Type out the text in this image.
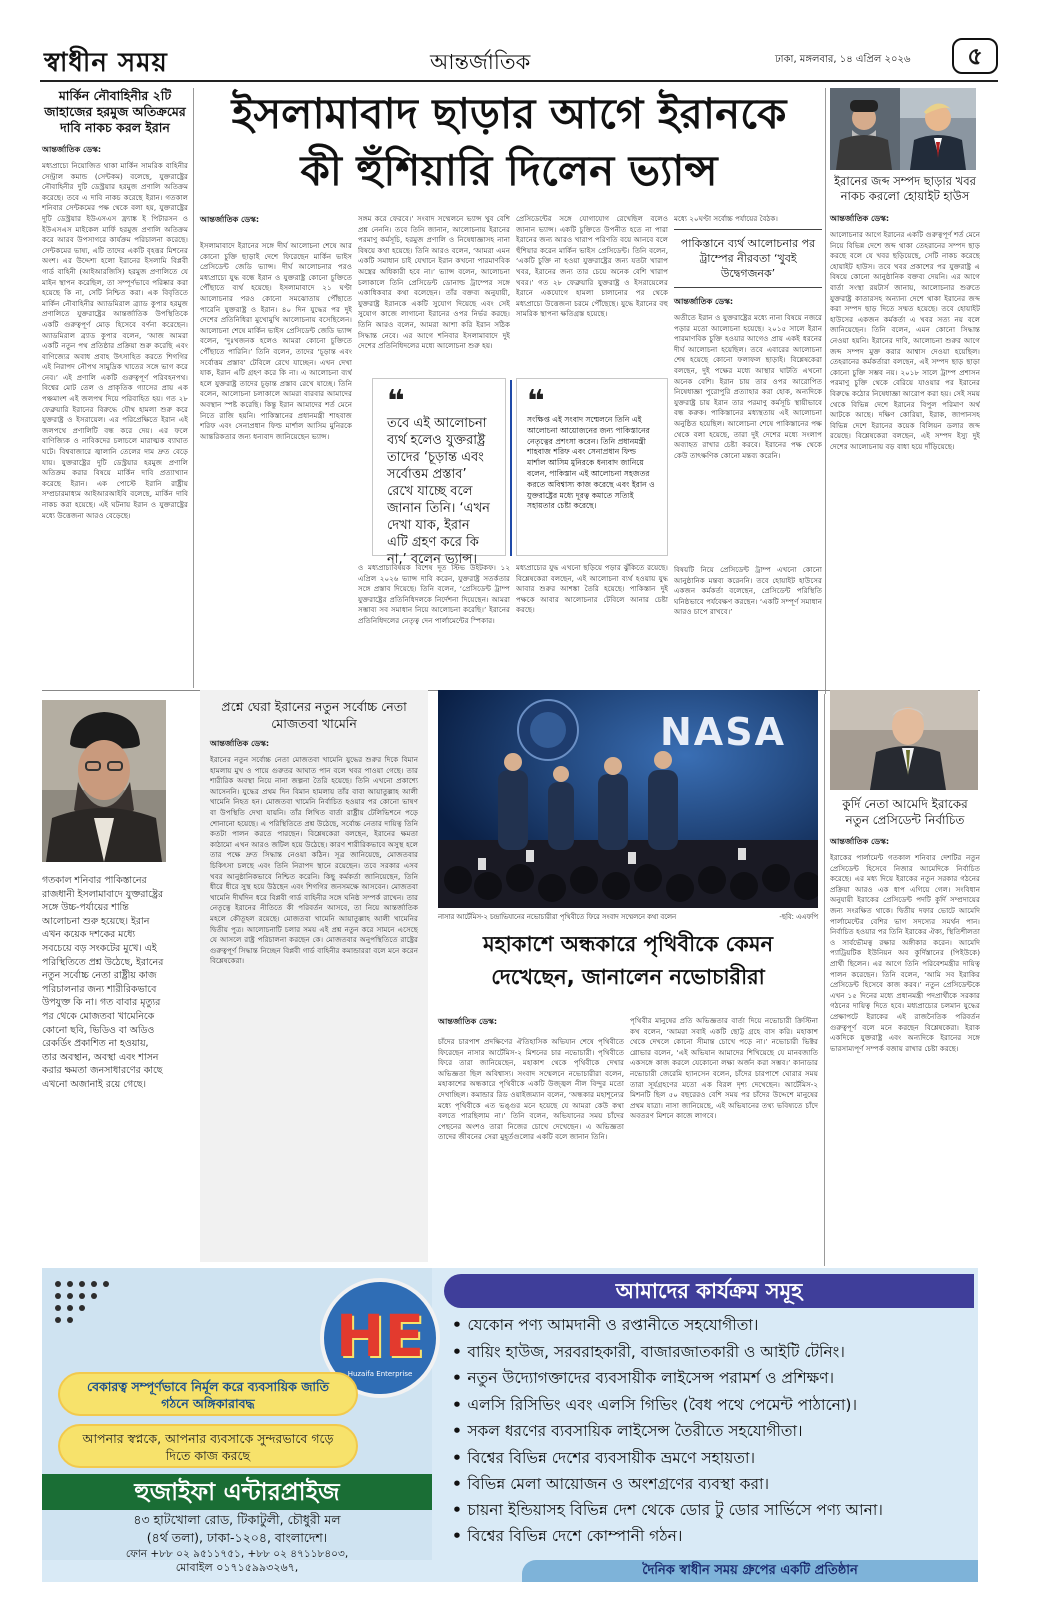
স্বাধীন সময়	আন্তর্জাতিক	ঢাকা, মঙ্গলবার, ১৪ এপ্রিল ২০২৬	৫
মার্কিন নৌবাহিনীর ২টি জাহাজের হরমুজ অতিক্রমের দাবি নাকচ করল ইরান
আন্তর্জাতিক ডেস্ক:
মধ্যপ্রাচ্যে নিয়োজিত থাকা মার্কিন সামরিক বাহিনীর সেন্ট্রাল কমান্ড (সেন্টকম) বলেছে, যুক্তরাষ্ট্রের নৌবাহিনীর দুটি ডেস্ট্রয়ার হরমুজ প্রণালি অতিক্রম করেছে। তবে এ দাবি নাকচ করেছে ইরান। গতকাল শনিবার সেন্টকমের পক্ষ থেকে বলা হয়, যুক্তরাষ্ট্রের দুটি ডেস্ট্রয়ার ইউএসএস ফ্র্যাঙ্ক ই পিটারসন ও ইউএসএস মাইকেল মার্ফি হরমুজ প্রণালি অতিক্রম করে আরব উপসাগরে কার্যক্রম পরিচালনা করেছে। সেন্টকমের ভাষ্য, এটি তাদের একটি বৃহত্তর মিশনের অংশ। এর উদ্দেশ্য হলো ইরানের ইসলামি বিপ্লবী গার্ড বাহিনী (আইআরজিসি) হরমুজ প্রণালিতে যে মাইন স্থাপন করেছিল, তা সম্পূর্ণভাবে পরিষ্কার করা হয়েছে কি না, সেটি নিশ্চিত করা। এক বিবৃতিতে মার্কিন নৌবাহিনীর অ্যাডমিরাল ব্র্যাড কুপার হরমুজ প্রণালিতে যুক্তরাষ্ট্রের আন্তর্জাতিক উপস্থিতিকে একটি গুরুত্বপূর্ণ মোড় হিসেবে বর্ণনা করেছেন। অ্যাডমিরাল ব্র্যাড কুপার বলেন, ‘আজ আমরা একটি নতুন পথ প্রতিষ্ঠার প্রক্রিয়া শুরু করেছি এবং বাণিজ্যের অবাধ প্রবাহ উৎসাহিত করতে শিগগির এই নিরাপদ নৌপথ সামুদ্রিক খাতের সঙ্গে ভাগ করে নেব।’ এই প্রণালি একটি গুরুত্বপূর্ণ পরিবহনপথ। বিশ্বের মোট তেল ও প্রাকৃতিক গ্যাসের প্রায় এক পঞ্চমাংশ এই জলপথ দিয়ে পরিবাহিত হয়। গত ২৮ ফেব্রুয়ারি ইরানের বিরুদ্ধে যৌথ হামলা শুরু করে যুক্তরাষ্ট্র ও ইসরায়েল। এর পরিপ্রেক্ষিতে ইরান এই জলপথে প্রণালিটি বন্ধ করে দেয়। এর ফলে বাণিজ্যিক ও নাবিকদের চলাচলে মারাত্মক ব্যাঘাত ঘটে। বিশ্ববাজারে জ্বালানি তেলের দাম দ্রুত বেড়ে যায়। যুক্তরাষ্ট্রের দুটি ডেস্ট্রয়ার হরমুজ প্রণালি অতিক্রম করার বিষয়ে মার্কিন দাবি প্রত্যাখ্যান করেছে ইরান। এক পোস্টে ইরানি রাষ্ট্রীয় সম্প্রচারমাধ্যম আইআরআইবি বলেছে, মার্কিন দাবি নাকচ করা হয়েছে। এই ঘটনায় ইরান ও যুক্তরাষ্ট্রের মধ্যে উত্তেজনা আরও বেড়েছে।
ইসলামাবাদ ছাড়ার আগে ইরানকে
কী হুঁশিয়ারি দিলেন ভ্যান্স	ইরানের জব্দ সম্পদ ছাড়ার খবর নাকচ করলো হোয়াইট হাউস
আন্তর্জাতিক ডেস্ক:
আলোচনার আগে ইরানের একটি গুরুত্বপূর্ণ শর্ত মেনে নিয়ে বিভিন্ন দেশে জব্দ থাকা তেহরানের সম্পদ ছাড় করছে বলে যে খবর ছড়িয়েছে, সেটি নাকচ করেছে হোয়াইট হাউস। তবে খবর প্রকাশের পর যুক্তরাষ্ট্র এ বিষয়ে কোনো আনুষ্ঠানিক বক্তব্য দেয়নি। এর আগে বার্তা সংস্থা রয়টার্স জানায়, আলোচনার শুরুতে যুক্তরাষ্ট্র কাতারসহ অন্যান্য দেশে থাকা ইরানের জব্দ করা সম্পদ ছাড় দিতে সম্মত হয়েছে। তবে হোয়াইট হাউসের একজন কর্মকর্তা এ খবর সত্য নয় বলে জানিয়েছেন। তিনি বলেন, এমন কোনো সিদ্ধান্ত নেওয়া হয়নি। ইরানের দাবি, আলোচনা শুরুর আগে জব্দ সম্পদ মুক্ত করার আশ্বাস দেওয়া হয়েছিল। তেহরানের কর্মকর্তারা বলছেন, এই সম্পদ ছাড় ছাড়া কোনো চুক্তি সম্ভব নয়। ২০১৮ সালে ট্রাম্প প্রশাসন পরমাণু চুক্তি থেকে বেরিয়ে যাওয়ার পর ইরানের বিরুদ্ধে কঠোর নিষেধাজ্ঞা আরোপ করা হয়। সেই সময় থেকে বিভিন্ন দেশে ইরানের বিপুল পরিমাণ অর্থ আটকে আছে। দক্ষিণ কোরিয়া, ইরাক, জাপানসহ বিভিন্ন দেশে ইরানের কয়েক বিলিয়ন ডলার জব্দ রয়েছে। বিশ্লেষকেরা বলছেন, এই সম্পদ ইস্যু দুই দেশের আলোচনায় বড় বাধা হয়ে দাঁড়িয়েছে।
আন্তর্জাতিক ডেস্ক:
ইসলামাবাদে ইরানের সঙ্গে দীর্ঘ আলোচনা শেষে আর কোনো চুক্তি ছাড়াই দেশে ফিরেছেন মার্কিন ভাইস প্রেসিডেন্ট জেডি ভ্যান্স। দীর্ঘ আলোচনার পরও মধ্যপ্রাচ্যে যুদ্ধ বন্ধে ইরান ও যুক্তরাষ্ট্র কোনো চুক্তিতে পৌঁছাতে ব্যর্থ হয়েছে। ইসলামাবাদে ২১ ঘণ্টা আলোচনার পরও কোনো সমঝোতায় পৌঁছাতে পারেনি যুক্তরাষ্ট্র ও ইরান। ৪০ দিন যুদ্ধের পর দুই দেশের প্রতিনিধিরা মুখোমুখি আলোচনায় বসেছিলেন। আলোচনা শেষে মার্কিন ভাইস প্রেসিডেন্ট জেডি ভ্যান্স বলেন, ‘দুঃখজনক হলেও আমরা কোনো চুক্তিতে পৌঁছাতে পারিনি।’ তিনি বলেন, তাদের ‘চূড়ান্ত এবং সর্বোত্তম প্রস্তাব’ টেবিলে রেখে যাচ্ছেন। এখন দেখা যাক, ইরান এটি গ্রহণ করে কি না। এ আলোচনা ব্যর্থ হলে যুক্তরাষ্ট্র তাদের চূড়ান্ত প্রস্তাব রেখে যাচ্ছে। তিনি বলেন, আলোচনা চলাকালে আমরা বারবার আমাদের অবস্থান স্পষ্ট করেছি। কিন্তু ইরান আমাদের শর্ত মেনে নিতে রাজি হয়নি। পাকিস্তানের প্রধানমন্ত্রী শাহবাজ শরিফ এবং সেনাপ্রধান ফিল্ড মার্শাল আসিম মুনিরকে আন্তরিকতার জন্য ধন্যবাদ জানিয়েছেন ভ্যান্স।
সঙ্গম করে ফেরবে।’ সংবাদ সম্মেলনে ভ্যান্স খুব বেশি প্রশ্ন নেননি। তবে তিনি জানান, আলোচনায় ইরানের পরমাণু কর্মসূচি, হরমুজ প্রণালি ও নিষেধাজ্ঞাসহ নানা বিষয়ে কথা হয়েছে। তিনি আরও বলেন, ‘আমরা এমন একটি সমাধান চাই যেখানে ইরান কখনো পারমাণবিক অস্ত্রের অধিকারী হবে না।’ ভ্যান্স বলেন, আলোচনা চলাকালে তিনি প্রেসিডেন্ট ডোনাল্ড ট্রাম্পের সঙ্গে একাধিকবার কথা বলেছেন। তাঁর বক্তব্য অনুযায়ী, যুক্তরাষ্ট্র ইরানকে একটি সুযোগ দিয়েছে এবং সেই সুযোগ কাজে লাগানো ইরানের ওপর নির্ভর করছে। তিনি আরও বলেন, আমরা আশা করি ইরান সঠিক সিদ্ধান্ত নেবে। এর আগে শনিবার ইসলামাবাদে দুই দেশের প্রতিনিধিদলের মধ্যে আলোচনা শুরু হয়।
প্রেসিডেন্টের সঙ্গে যোগাযোগ রেখেছিল বলেও জানান ভ্যান্স। একটি চুক্তিতে উপনীত হতে না পারা ইরানের জন্য আরও খারাপ পরিণতি বয়ে আনবে বলে হুঁশিয়ার করেন মার্কিন ভাইস প্রেসিডেন্ট। তিনি বলেন, ‘একটি চুক্তি না হওয়া যুক্তরাষ্ট্রের জন্য যতটা খারাপ খবর, ইরানের জন্য তার চেয়ে অনেক বেশি খারাপ খবর।’ গত ২৮ ফেব্রুয়ারি যুক্তরাষ্ট্র ও ইসরায়েলের ইরানে একযোগে হামলা চালানোর পর থেকে মধ্যপ্রাচ্যে উত্তেজনা চরমে পৌঁছেছে। যুদ্ধে ইরানের বহু সামরিক স্থাপনা ক্ষতিগ্রস্ত হয়েছে।
❝
তবে এই আলোচনা ব্যর্থ হলেও যুক্তরাষ্ট্র তাদের ‘চূড়ান্ত এবং সর্বোত্তম প্রস্তাব’ রেখে যাচ্ছে বলে জানান তিনি। ‘এখন দেখা যাক, ইরান এটি গ্রহণ করে কি না,’ বলেন ভ্যান্স।
❝
সংক্ষিপ্ত এই সংবাদ সম্মেলনে তিনি এই আলোচনা আয়োজনের জন্য পাকিস্তানের নেতৃত্বের প্রশংসা করেন। তিনি প্রধানমন্ত্রী শাহবাজ শরিফ এবং সেনাপ্রধান ফিল্ড মার্শাল আসিম মুনিরকে ধন্যবাদ জানিয়ে বলেন, পাকিস্তান এই আলোচনা সহজতর করতে অবিশ্বাস্য কাজ করেছে এবং ইরান ও যুক্তরাষ্ট্রের মধ্যে দূরত্ব কমাতে সত্যিই সহায়তার চেষ্টা করেছে।
ও মধ্যপ্রাচ্যবিষয়ক বিশেষ দূত স্টিভ উইটকফ। ১২ এপ্রিল ২০২৬ ভ্যান্স দাবি করেন, যুক্তরাষ্ট্র সতর্কতার সঙ্গে প্রস্তাব দিয়েছে। তিনি বলেন, ‘প্রেসিডেন্ট ট্রাম্প যুক্তরাষ্ট্রের প্রতিনিধিদলকে নির্দেশনা দিয়েছেন। আমরা সম্ভাব্য সব সমাধান নিয়ে আলোচনা করেছি।’ ইরানের প্রতিনিধিদলের নেতৃত্ব দেন পার্লামেন্টের স্পিকার।
মধ্যপ্রাচ্যের যুদ্ধ এখনো ছড়িয়ে পড়ার ঝুঁকিতে রয়েছে। বিশ্লেষকেরা বলছেন, এই আলোচনা ব্যর্থ হওয়ায় যুদ্ধ আবার শুরুর আশঙ্কা তৈরি হয়েছে। পাকিস্তান দুই পক্ষকে আবার আলোচনার টেবিলে আনার চেষ্টা করছে।
মধ্যে ২০ঘণ্টা সর্বোচ্চ পর্যায়ের বৈঠক।
পাকিস্তানে ব্যর্থ আলোচনার পর ট্রাম্পের নীরবতা ‘খুবই উদ্বেগজনক’
আন্তর্জাতিক ডেস্ক:
অতীতে ইরান ও যুক্তরাষ্ট্রের মধ্যে নানা বিষয়ে নজরে পড়ার মতো আলোচনা হয়েছে। ২০১৫ সালে ইরান পারমাণবিক চুক্তি হওয়ার আগেও প্রায় একই ধরনের দীর্ঘ আলোচনা হয়েছিল। তবে এবারের আলোচনা শেষ হয়েছে কোনো ফলাফল ছাড়াই। বিশ্লেষকেরা বলছেন, দুই পক্ষের মধ্যে আস্থার ঘাটতি এখনো অনেক বেশি। ইরান চায় তার ওপর আরোপিত নিষেধাজ্ঞা পুরোপুরি প্রত্যাহার করা হোক, অন্যদিকে যুক্তরাষ্ট্র চায় ইরান তার পরমাণু কর্মসূচি স্থায়ীভাবে বন্ধ করুক। পাকিস্তানের মধ্যস্থতায় এই আলোচনা অনুষ্ঠিত হয়েছিল। আলোচনা শেষে পাকিস্তানের পক্ষ থেকে বলা হয়েছে, তারা দুই দেশের মধ্যে সংলাপ অব্যাহত রাখার চেষ্টা করবে। ইরানের পক্ষ থেকে কেউ তাৎক্ষণিক কোনো মন্তব্য করেনি।
বিষয়টি নিয়ে প্রেসিডেন্ট ট্রাম্প এখনো কোনো আনুষ্ঠানিক মন্তব্য করেননি। তবে হোয়াইট হাউসের একজন কর্মকর্তা বলেছেন, প্রেসিডেন্ট পরিস্থিতি ঘনিষ্ঠভাবে পর্যবেক্ষণ করছেন। ‘একটি সম্পূর্ণ সমাধান আরও চাপে রাখবে।’
গতকাল শনিবার পাকিস্তানের রাজধানী ইসলামাবাদে যুক্তরাষ্ট্রের সঙ্গে উচ্চ-পর্যায়ের শান্তি আলোচনা শুরু হয়েছে। ইরান এখন কয়েক দশকের মধ্যে সবচেয়ে বড় সংকটের মুখে। এই পরিস্থিতিতে প্রশ্ন উঠেছে, ইরানের নতুন সর্বোচ্চ নেতা রাষ্ট্রীয় কাজ পরিচালনার জন্য শারীরিকভাবে উপযুক্ত কি না। গত বাবার মৃত্যুর পর থেকে মোজতবা খামেনিকে কোনো ছবি, ভিডিও বা অডিও রেকর্ডিং প্রকাশিত না হওয়ায়, তার অবস্থান, অবস্থা এবং শাসন করার ক্ষমতা জনসাধারণের কাছে এখনো অজানাই রয়ে গেছে।
প্রশ্নে ঘেরা ইরানের নতুন সর্বোচ্চ নেতা মোজতবা খামেনি
আন্তর্জাতিক ডেস্ক:
ইরানের নতুন সর্বোচ্চ নেতা মোজতবা খামেনি যুদ্ধের শুরুর দিকে বিমান হামলায় মুখ ও পায়ে গুরুতর আঘাত পান বলে খবর পাওয়া গেছে। তার শারীরিক অবস্থা নিয়ে নানা জল্পনা তৈরি হয়েছে। তিনি এখনো প্রকাশ্যে আসেননি। যুদ্ধের প্রথম দিন বিমান হামলায় তাঁর বাবা আয়াতুল্লাহ আলী খামেনি নিহত হন। মোজতবা খামেনি নির্বাচিত হওয়ার পর কোনো ভাষণ বা উপস্থিতি দেখা যায়নি। তাঁর লিখিত বার্তা রাষ্ট্রীয় টেলিভিশনে পড়ে শোনানো হয়েছে। এ পরিস্থিতিতে প্রশ্ন উঠেছে, সর্বোচ্চ নেতার দায়িত্ব তিনি কতটা পালন করতে পারছেন। বিশ্লেষকেরা বলছেন, ইরানের ক্ষমতা কাঠামো এখন আরও জটিল হয়ে উঠেছে। কারণ শারীরিকভাবে অসুস্থ হলে তার পক্ষে দ্রুত সিদ্ধান্ত নেওয়া কঠিন। সূত্র জানিয়েছে, মোজতবার চিকিৎসা চলছে এবং তিনি নিরাপদ স্থানে রয়েছেন। তবে সরকার এসব খবর আনুষ্ঠানিকভাবে নিশ্চিত করেনি। কিছু কর্মকর্তা জানিয়েছেন, তিনি ধীরে ধীরে সুস্থ হয়ে উঠছেন এবং শিগগির জনসমক্ষে আসবেন। মোজতবা খামেনি দীর্ঘদিন ধরে বিপ্লবী গার্ড বাহিনীর সঙ্গে ঘনিষ্ঠ সম্পর্ক রাখেন। তার নেতৃত্বে ইরানের নীতিতে কী পরিবর্তন আসবে, তা নিয়ে আন্তর্জাতিক মহলে কৌতূহল রয়েছে। মোজতবা খামেনি আয়াতুল্লাহ আলী খামেনির দ্বিতীয় পুত্র। আলোচনাটি চলার সময় এই প্রশ্ন নতুন করে সামনে এসেছে যে আসলে রাষ্ট্র পরিচালনা করছেন কে। মোজতবার অনুপস্থিতিতে রাষ্ট্রের গুরুত্বপূর্ণ সিদ্ধান্ত নিচ্ছেন বিপ্লবী গার্ড বাহিনীর কমান্ডাররা বলে মনে করেন বিশ্লেষকেরা।
NASA
নাসার আর্টেমিস-২ চন্দ্রাভিযানের নভোচারীরা পৃথিবীতে ফিরে সংবাদ সম্মেলনে কথা বলেন	-ছবি: এএফপি
মহাকাশে অন্ধকারে পৃথিবীকে কেমন দেখেছেন, জানালেন নভোচারীরা
আন্তর্জাতিক ডেস্ক:
চাঁদের চারপাশ প্রদক্ষিণের ঐতিহাসিক অভিযান শেষে পৃথিবীতে ফিরেছেন নাসার আর্টেমিস-২ মিশনের চার নভোচারী। পৃথিবীতে ফিরে তারা জানিয়েছেন, মহাকাশ থেকে পৃথিবীকে দেখার অভিজ্ঞতা ছিল অবিশ্বাস্য। সংবাদ সম্মেলনে নভোচারীরা বলেন, মহাকাশের অন্ধকারে পৃথিবীকে একটি উজ্জ্বল নীল বিন্দুর মতো দেখাচ্ছিল। কমান্ডার রিড ওয়াইজম্যান বলেন, ‘অন্ধকার মহাশূন্যের মধ্যে পৃথিবীকে এত ভঙ্গুর মনে হয়েছে যে আমরা কেউ কথা বলতে পারছিলাম না।’ তিনি বলেন, অভিযানের সময় চাঁদের পেছনের অংশও তারা নিজের চোখে দেখেছেন। এ অভিজ্ঞতা তাদের জীবনের সেরা মুহূর্তগুলোর একটি বলে জানান তিনি।
পৃথিবীর মানুষের প্রতি অভিজ্ঞতার বার্তা দিয়ে নভোচারী ক্রিস্টিনা কখ বলেন, ‘আমরা সবাই একটি ছোট্ট গ্রহে বাস করি। মহাকাশ থেকে দেখলে কোনো সীমান্ত চোখে পড়ে না।’ নভোচারী ভিক্টর গ্লোভার বলেন, ‘এই অভিযান আমাদের শিখিয়েছে যে মানবজাতি একসঙ্গে কাজ করলে যেকোনো লক্ষ্য অর্জন করা সম্ভব।’ কানাডার নভোচারী জেরেমি হ্যানসেন বলেন, চাঁদের চারপাশে ঘোরার সময় তারা সূর্যগ্রহণের মতো এক বিরল দৃশ্য দেখেছেন। আর্টেমিস-২ মিশনটি ছিল ৫০ বছরেরও বেশি সময় পর চাঁদের উদ্দেশে মানুষের প্রথম যাত্রা। নাসা জানিয়েছে, এই অভিযানের তথ্য ভবিষ্যতে চাঁদে অবতরণ মিশনে কাজে লাগবে।
কুর্দি নেতা আমেদি ইরাকের নতুন প্রেসিডেন্ট নির্বাচিত
আন্তর্জাতিক ডেস্ক:
ইরাকের পার্লামেন্ট গতকাল শনিবার দেশটির নতুন প্রেসিডেন্ট হিসেবে নিজার আমেদিকে নির্বাচিত করেছে। এর মধ্য দিয়ে ইরাকের নতুন সরকার গঠনের প্রক্রিয়া আরও এক ধাপ এগিয়ে গেল। সংবিধান অনুযায়ী ইরাকের প্রেসিডেন্ট পদটি কুর্দি সম্প্রদায়ের জন্য সংরক্ষিত থাকে। দ্বিতীয় দফার ভোটে আমেদি পার্লামেন্টের বেশির ভাগ সদস্যের সমর্থন পান। নির্বাচিত হওয়ার পর তিনি ইরাকের ঐক্য, স্থিতিশীলতা ও সার্বভৌমত্ব রক্ষার অঙ্গীকার করেন। আমেদি প্যাট্রিয়টিক ইউনিয়ন অব কুর্দিস্তানের (পিইউকে) প্রার্থী ছিলেন। এর আগে তিনি পরিবেশমন্ত্রীর দায়িত্ব পালন করেছেন। তিনি বলেন, ‘আমি সব ইরাকির প্রেসিডেন্ট হিসেবে কাজ করব।’ নতুন প্রেসিডেন্টকে এখন ১৫ দিনের মধ্যে প্রধানমন্ত্রী পদপ্রার্থীকে সরকার গঠনের দায়িত্ব দিতে হবে। মধ্যপ্রাচ্যের চলমান যুদ্ধের প্রেক্ষাপটে ইরাকের এই রাজনৈতিক পরিবর্তন গুরুত্বপূর্ণ বলে মনে করছেন বিশ্লেষকেরা। ইরাক একদিকে যুক্তরাষ্ট্র এবং অন্যদিকে ইরানের সঙ্গে ভারসাম্যপূর্ণ সম্পর্ক বজায় রাখার চেষ্টা করছে।
HE
Huzaifa Enterprise
বেকারত্ব সম্পূর্ণভাবে নির্মূল করে ব্যবসায়িক জাতি গঠনে অঙ্গিকারাবদ্ধ
আপনার স্বপ্নকে, আপনার ব্যবসাকে সুন্দরভাবে গড়ে দিতে কাজ করছে
হুজাইফা এন্টারপ্রাইজ
৪৩ হাটখোলা রোড, টিকাটুলী, চৌধুরী মল
(৪র্থ তলা), ঢাকা-১২০৪, বাংলাদেশ।
ফোন +৮৮ ০২ ৯৫১১৭৫১, +৮৮ ০২ ৪৭১১৮৪০৩,
আমাদের কার্যক্রম সমূহ
• যেকোন পণ্য আমদানী ও রপ্তানীতে সহযোগীতা।
• বায়িং হাউজ, সরবরাহকারী, বাজারজাতকারী ও আইটি টেনিং।
• নতুন উদ্যোগক্তাদের ব্যবসায়ীক লাইসেন্স পরামর্শ ও প্রশিক্ষণ।
• এলসি রিসিভিং এবং এলসি গিভিং (বৈধ পথে পেমেন্ট পাঠানো)।
• সকল ধরণের ব্যবসায়িক লাইসেন্স তৈরীতে সহযোগীতা।
• বিশ্বের বিভিন্ন দেশের ব্যবসায়ীক ভ্রমণে সহায়তা।
• বিভিন্ন মেলা আয়োজন ও অংশগ্রণের ব্যবস্থা করা।
• চায়না ইন্ডিয়াসহ বিভিন্ন দেশ থেকে ডোর টু ডোর সার্ভিসে পণ্য আনা।
• বিশ্বের বিভিন্ন দেশে কোম্পানী গঠন।
মোবাইল ০১৭১৫৯৯৩২৬৭,	দৈনিক স্বাধীন সময় গ্রুপের একটি প্রতিষ্ঠান
